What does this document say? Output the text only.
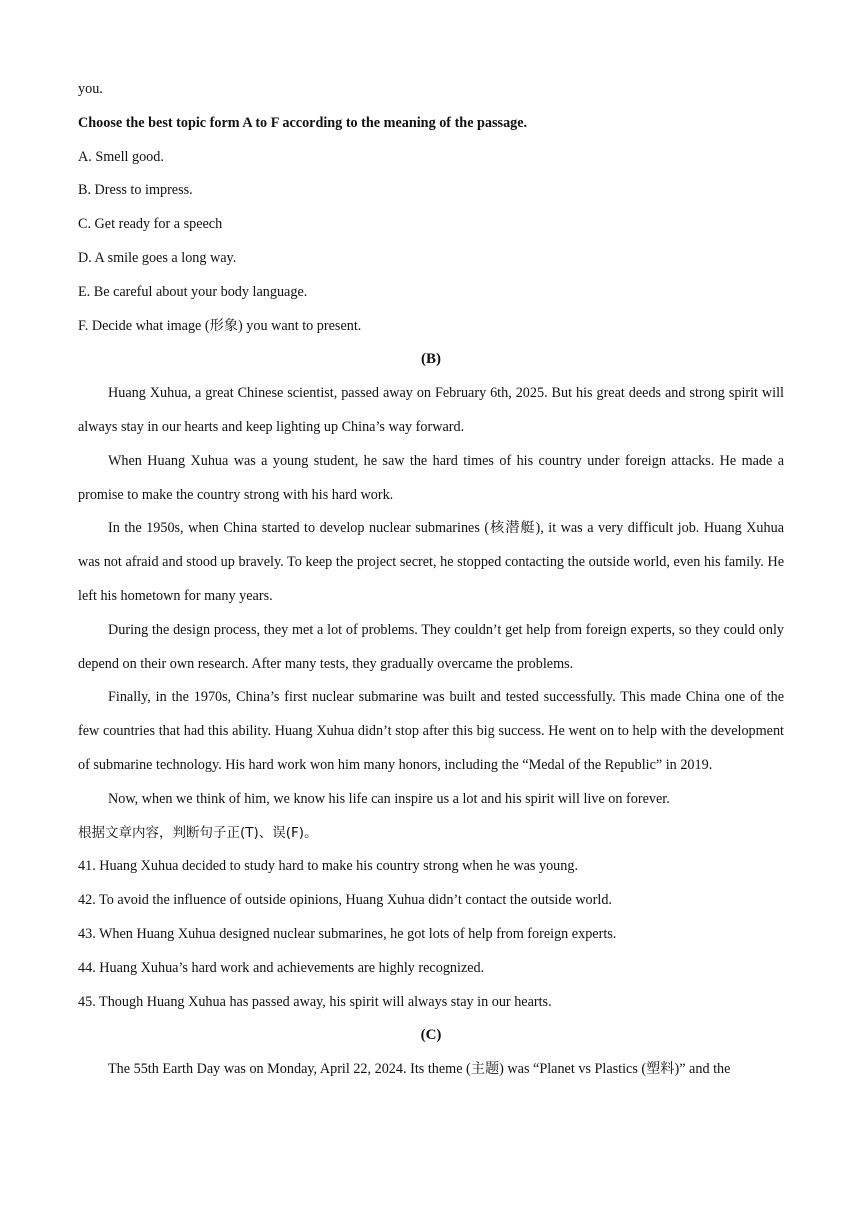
you.
Choose the best topic form A to F according to the meaning of the passage.
A. Smell good.
B. Dress to impress.
C. Get ready for a speech
D. A smile goes a long way.
E. Be careful about your body language.
F. Decide what image (形象) you want to present.
(B)

Huang Xuhua, a great Chinese scientist, passed away on February 6th, 2025. But his great deeds and strong spirit will always stay in our hearts and keep lighting up China’s way forward.

When Huang Xuhua was a young student, he saw the hard times of his country under foreign attacks. He made a promise to make the country strong with his hard work.

In the 1950s, when China started to develop nuclear submarines (核潜艇), it was a very difficult job. Huang Xuhua was not afraid and stood up bravely. To keep the project secret, he stopped contacting the outside world, even his family. He left his hometown for many years.

During the design process, they met a lot of problems. They couldn’t get help from foreign experts, so they could only depend on their own research. After many tests, they gradually overcame the problems.

Finally, in the 1970s, China’s first nuclear submarine was built and tested successfully. This made China one of the few countries that had this ability. Huang Xuhua didn’t stop after this big success. He went on to help with the development of submarine technology. His hard work won him many honors, including the “Medal of the Republic” in 2019.

Now, when we think of him, we know his life can inspire us a lot and his spirit will live on forever.

根据文章内容，判断句子正(T)、误(F)。
41. Huang Xuhua decided to study hard to make his country strong when he was young.
42. To avoid the influence of outside opinions, Huang Xuhua didn’t contact the outside world.
43. When Huang Xuhua designed nuclear submarines, he got lots of help from foreign experts.
44. Huang Xuhua’s hard work and achievements are highly recognized.
45. Though Huang Xuhua has passed away, his spirit will always stay in our hearts.
(C)

The 55th Earth Day was on Monday, April 22, 2024. Its theme (主题) was “Planet vs Plastics (塑料)” and the
